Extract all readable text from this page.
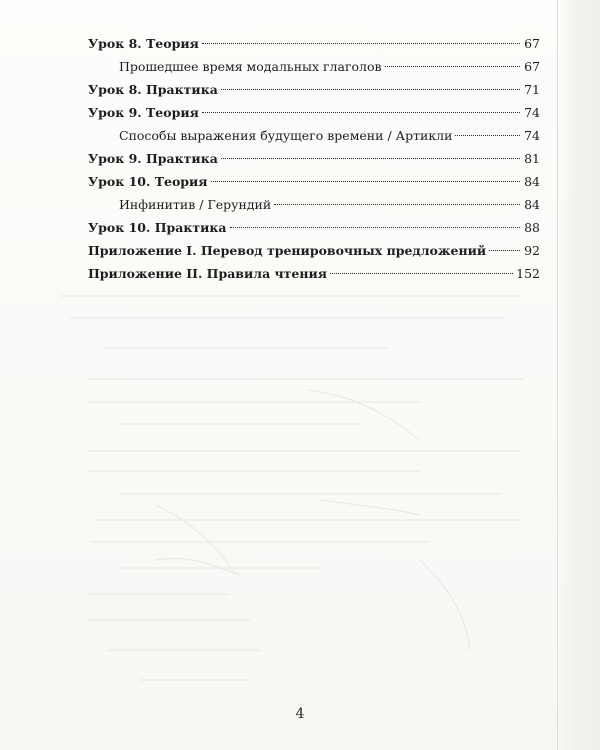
Урок 8. Теория	67
Прошедшее время модальных глаголов	67
Урок 8. Практика	71
Урок 9. Теория	74
Способы выражения будущего времени / Артикли	74
Урок 9. Практика	81
Урок 10. Теория	84
Инфинитив / Герундий	84
Урок 10. Практика	88
Приложение I. Перевод тренировочных предложений	92
Приложение II. Правила чтения	152
4
